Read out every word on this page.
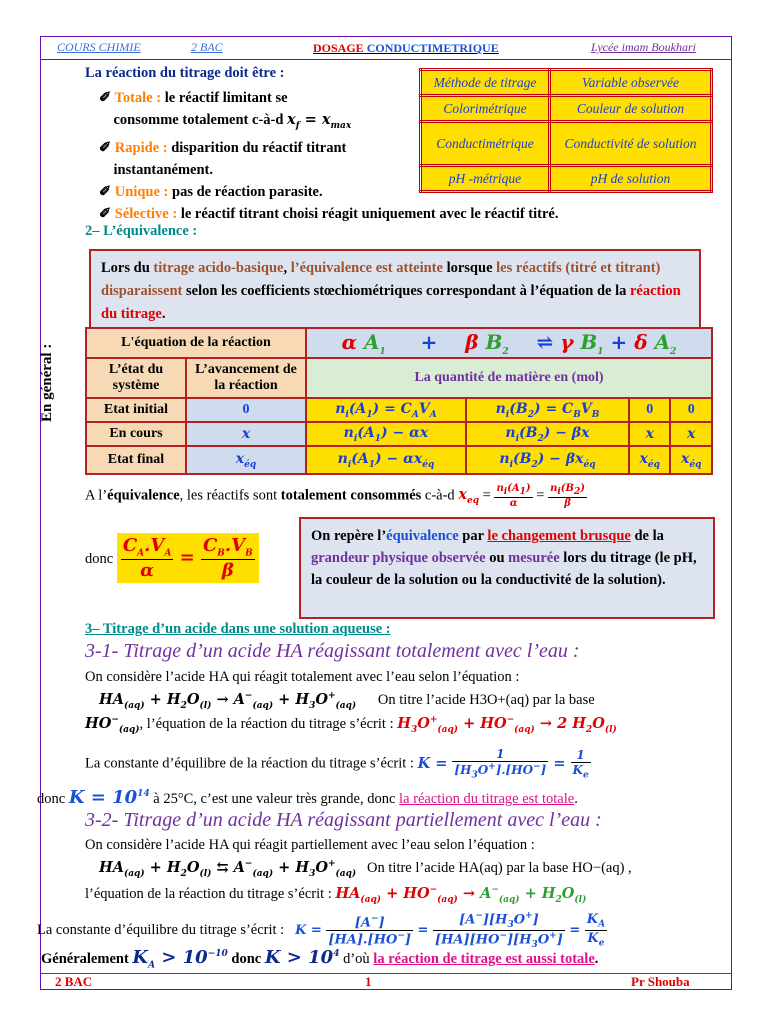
COURS CHIMIE	2 BAC	DOSAGE CONDUCTIMETRIQUE	Lycée imam Boukhari
La réaction du titrage doit être :
✐ Totale : le réactif limitant se
consomme totalement c-à-d $x_f = x_{max}$
✐ Rapide : disparition du réactif titrant
instantanément.
✐ Unique : pas de réaction parasite.
✐ Sélective : le réactif titrant choisi réagit uniquement avec le réactif titré.
Méthode de titrage	Variable observée
Colorimétrique	Couleur de solution
Conductimétrique	Conductivité de solution
pH -métrique	pH de solution
2– L’équivalence :
Lors du titrage acido-basique, l’équivalence est atteinte lorsque les réactifs (titré et titrant) disparaissent selon les coefficients stœchiométriques correspondant à l’équation de la réaction du titrage.
En général :
L'équation de la réaction		α $A_1$     +    β $B_2$    ⇌ γ $B_1 + \delta$ $A_2$
L’état du système	L’avancement de la réaction	La quantité de matière en (mol)			
Etat initial	0	$n_i(A_1) = C_AV_A$	$n_i(B_2) = C_BV_B$	0	0
En cours	x	$n_i(A_1) - \alpha x$	$n_i(B_2) - \beta x$	x	x
Etat final	$x_{éq}$	$n_i(A_1) - \alpha x_{éq}$	$n_i(B_2) - \beta x_{éq}$	$x_{éq}$	$x_{éq}$
A l’équivalence, les réactifs sont totalement consommés c-à-d $x_{eq} = \frac{n_i(A_1)}{\alpha} = \frac{n_i(B_2)}{\beta}$
donc $\frac{C_A.V_A}{\alpha} = \frac{C_B.V_B}{\beta}$	On repère l’équivalence par le changement brusque de la grandeur physique observée ou mesurée lors du titrage (le pH, la couleur de la solution ou la conductivité de la solution).
3– Titrage d’un acide dans une solution aqueuse :
3-1- Titrage d’un acide HA réagissant totalement avec l’eau :
On considère l’acide HA qui réagit totalement avec l’eau selon l’équation :
$HA_{(aq)} + H_2O_{(l)} \to A^-_{(aq)} + H_3O^+_{(aq)}$ On titre l’acide H3O+(aq) par la base
$HO^-_{(aq)}$, l’équation de la réaction du titrage s’écrit : $H_3O^+_{(aq)} + HO^-_{(aq)} \to 2$ $H_2O_{(l)}$
La constante d’équilibre de la réaction du titrage s’écrit : $K = \frac{1}{[H_3O^+].[HO^-]} = \frac{1}{K_e}$
donc $K = 10^{14}$ à 25°C, c’est une valeur très grande, donc la réaction du titrage est totale.
3-2- Titrage d’un acide HA réagissant partiellement avec l’eau :
On considère l’acide HA qui réagit partiellement avec l’eau selon l’équation :
$HA_{(aq)} + H_2O_{(l)}$ ⇆ $A^-_{(aq)} + H_3O^+_{(aq)}$ On titre l’acide HA(aq) par la base HO−(aq) ,
l’équation de la réaction du titrage s’écrit : $HA_{(aq)} + HO^-_{(aq)} \to A^-_{(aq)} + H_2O_{(l)}$
La constante d’équilibre du titrage s’écrit : $K = \frac{[A^-]}{[HA].[HO^-]} = \frac{[A^-][H_3O^+]}{[HA][HO^-][H_3O^+]} = \frac{K_A}{K_e}$
Généralement $K_A > 10^{-10}$ donc $K > 10^4$ d’où la réaction de titrage est aussi totale.
2 BAC	1	Pr Shouba
